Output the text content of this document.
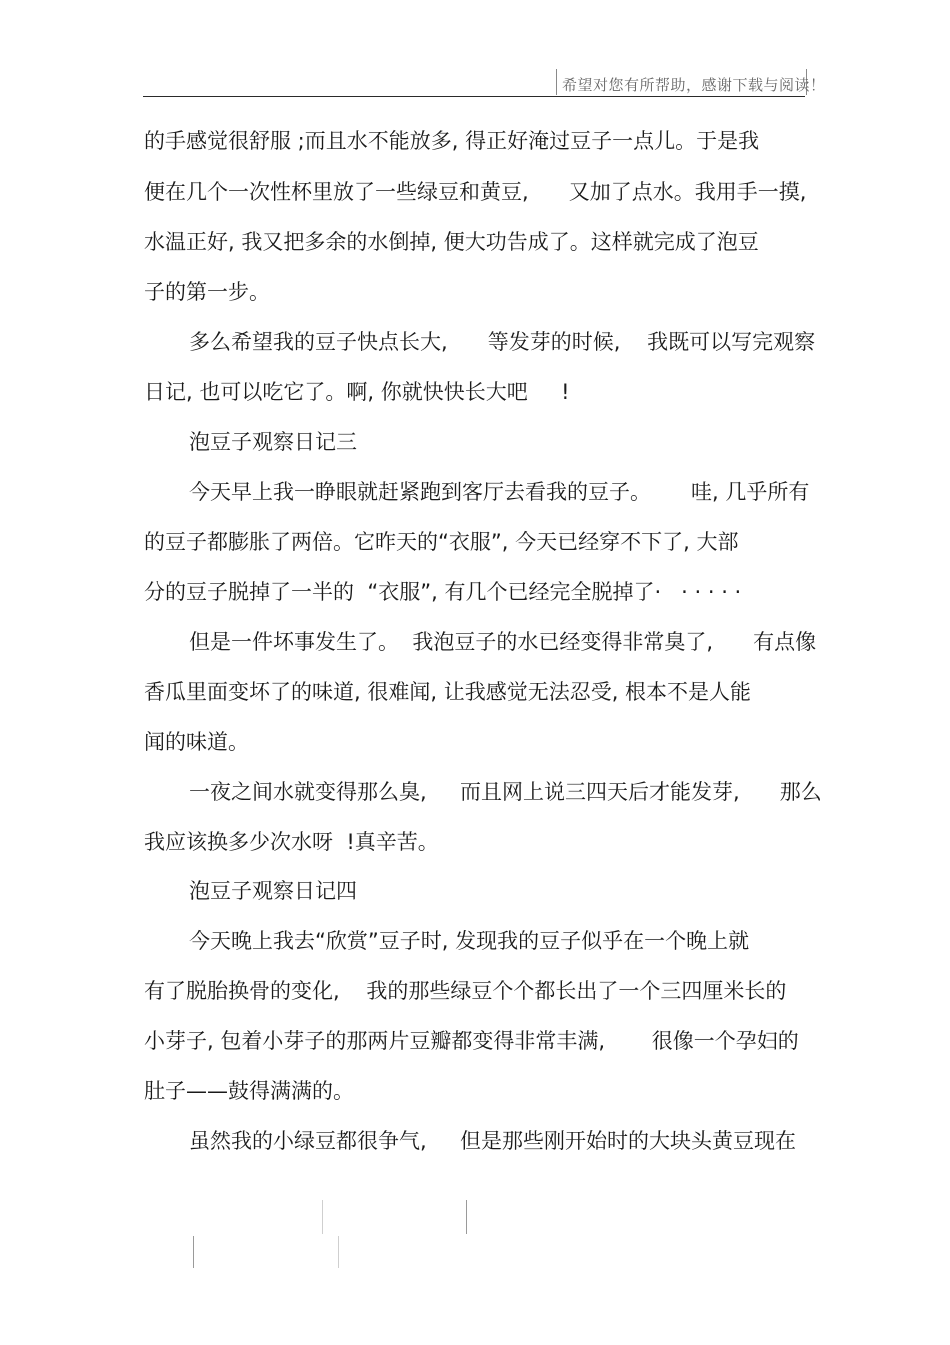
希望对您有所帮助，感谢下载与阅读！
的手感觉很舒服 ;而且水不能放多, 得正好淹过豆子一点儿。于是我
便在几个一次性杯里放了一些绿豆和黄豆,      又加了点水。我用手一摸,
水温正好, 我又把多余的水倒掉, 便大功告成了。这样就完成了泡豆
子的第一步。
多么希望我的豆子快点长大,      等发芽的时候,    我既可以写完观察
日记, 也可以吃它了。啊, 你就快快长大吧     !
泡豆子观察日记三
今天早上我一睁眼就赶紧跑到客厅去看我的豆子。      哇, 几乎所有
的豆子都膨胀了两倍。它昨天的“衣服”, 今天已经穿不下了, 大部
分的豆子脱掉了一半的  “衣服”, 有几个已经完全脱掉了·   · · · · ·
但是一件坏事发生了。  我泡豆子的水已经变得非常臭了,      有点像
香瓜里面变坏了的味道, 很难闻, 让我感觉无法忍受, 根本不是人能
闻的味道。
一夜之间水就变得那么臭,     而且网上说三四天后才能发芽,      那么
我应该换多少次水呀  !真辛苦。
泡豆子观察日记四
今天晚上我去“欣赏”豆子时, 发现我的豆子似乎在一个晚上就
有了脱胎换骨的变化,    我的那些绿豆个个都长出了一个三四厘米长的
小芽子, 包着小芽子的那两片豆瓣都变得非常丰满,       很像一个孕妇的
肚子——鼓得满满的。
虽然我的小绿豆都很争气,     但是那些刚开始时的大块头黄豆现在
